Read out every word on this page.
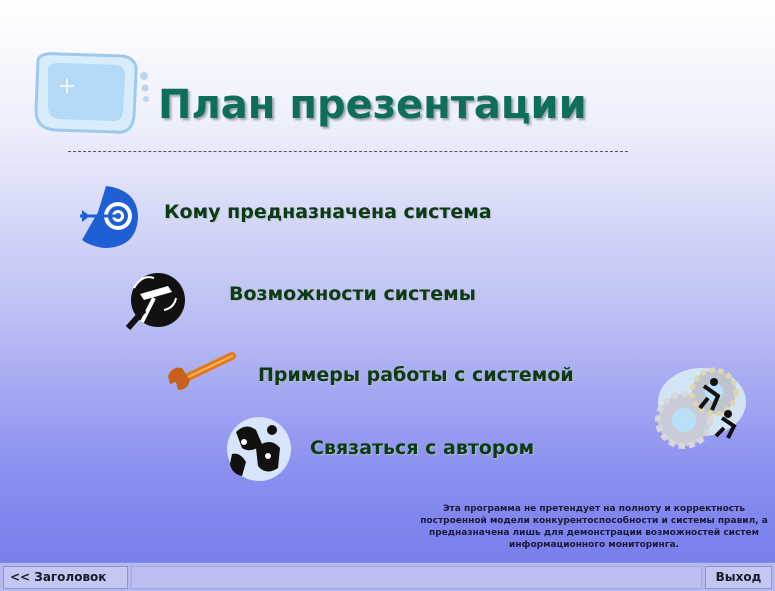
План презентации
Кому предназначена система
Возможности системы
Примеры работы с системой
Связаться с автором
Эта программа не претендует на полноту и корректность построенной модели конкурентоспособности и системы правил, а предназначена лишь для демонстрации возможностей систем информационного мониторинга.
<< Заголовок	Выход
